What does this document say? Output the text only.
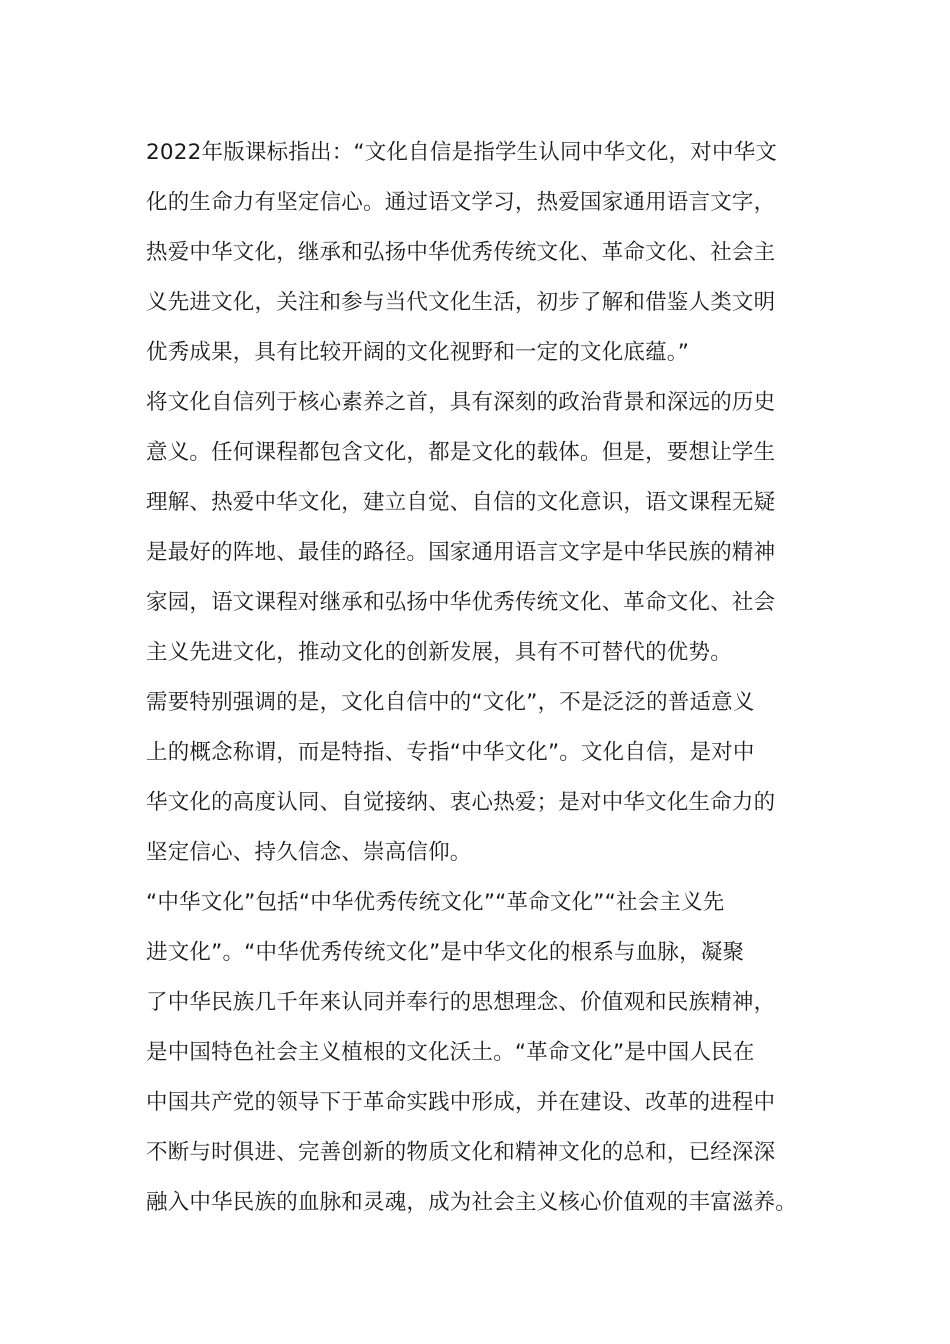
2022年版课标指出：“文化自信是指学生认同中华文化，对中华文
化的生命力有坚定信心。通过语文学习，热爱国家通用语言文字，
热爱中华文化，继承和弘扬中华优秀传统文化、革命文化、社会主
义先进文化，关注和参与当代文化生活，初步了解和借鉴人类文明
优秀成果，具有比较开阔的文化视野和一定的文化底蕴。”
将文化自信列于核心素养之首，具有深刻的政治背景和深远的历史
意义。任何课程都包含文化，都是文化的载体。但是，要想让学生
理解、热爱中华文化，建立自觉、自信的文化意识，语文课程无疑
是最好的阵地、最佳的路径。国家通用语言文字是中华民族的精神
家园，语文课程对继承和弘扬中华优秀传统文化、革命文化、社会
主义先进文化，推动文化的创新发展，具有不可替代的优势。
需要特别强调的是，文化自信中的“文化”，不是泛泛的普适意义
上的概念称谓，而是特指、专指“中华文化”。文化自信，是对中
华文化的高度认同、自觉接纳、衷心热爱；是对中华文化生命力的
坚定信心、持久信念、崇高信仰。
“中华文化”包括“中华优秀传统文化”“革命文化”“社会主义先
进文化”。“中华优秀传统文化”是中华文化的根系与血脉，凝聚
了中华民族几千年来认同并奉行的思想理念、价值观和民族精神，
是中国特色社会主义植根的文化沃土。“革命文化”是中国人民在
中国共产党的领导下于革命实践中形成，并在建设、改革的进程中
不断与时俱进、完善创新的物质文化和精神文化的总和，已经深深
融入中华民族的血脉和灵魂，成为社会主义核心价值观的丰富滋养。
